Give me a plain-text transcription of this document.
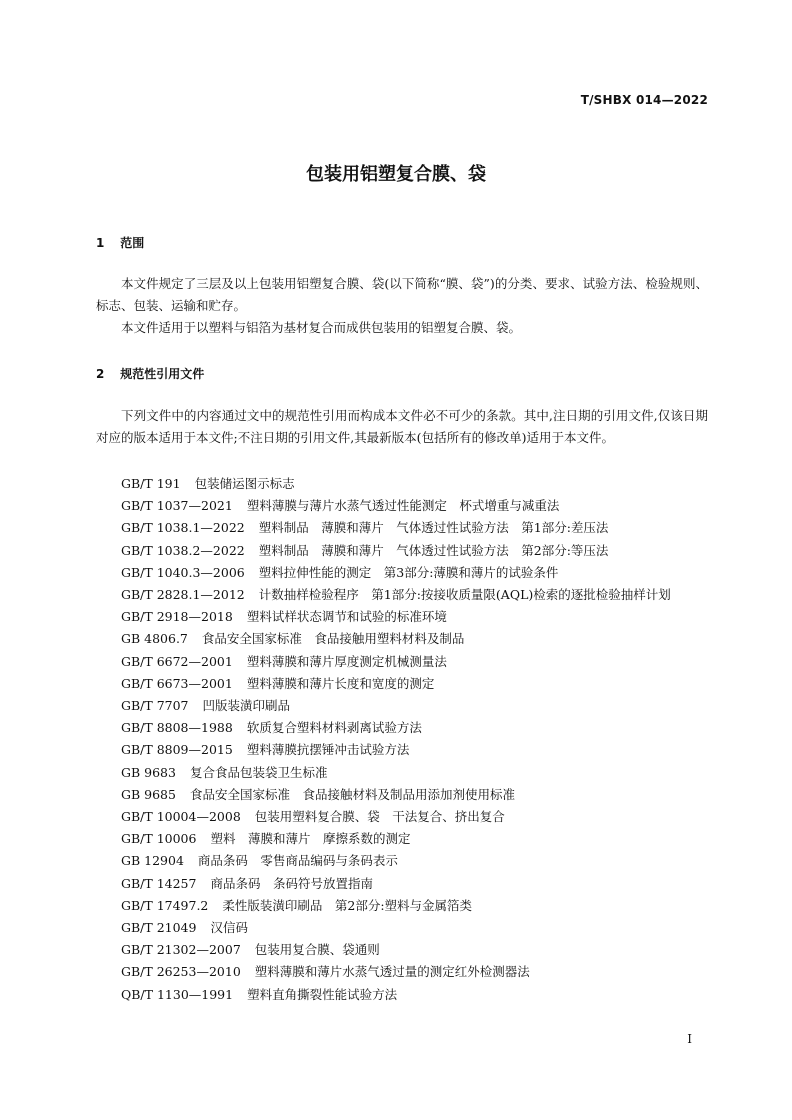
T/SHBX 014—2022
包装用铝塑复合膜、袋
1 范围
本文件规定了三层及以上包装用铝塑复合膜、袋(以下简称“膜、袋”)的分类、要求、试验方法、检验规则、标志、包装、运输和贮存。
本文件适用于以塑料与铝箔为基材复合而成供包装用的铝塑复合膜、袋。
2 规范性引用文件
下列文件中的内容通过文中的规范性引用而构成本文件必不可少的条款。其中,注日期的引用文件,仅该日期对应的版本适用于本文件;不注日期的引用文件,其最新版本(包括所有的修改单)适用于本文件。
GB/T 191 包装储运图示标志
GB/T 1037—2021 塑料薄膜与薄片水蒸气透过性能测定　杯式增重与减重法
GB/T 1038.1—2022 塑料制品　薄膜和薄片　气体透过性试验方法　第1部分:差压法
GB/T 1038.2—2022 塑料制品　薄膜和薄片　气体透过性试验方法　第2部分:等压法
GB/T 1040.3—2006 塑料拉伸性能的测定　第3部分:薄膜和薄片的试验条件
GB/T 2828.1—2012 计数抽样检验程序　第1部分:按接收质量限(AQL)检索的逐批检验抽样计划
GB/T 2918—2018 塑料试样状态调节和试验的标准环境
GB 4806.7 食品安全国家标准　食品接触用塑料材料及制品
GB/T 6672—2001 塑料薄膜和薄片厚度测定机械测量法
GB/T 6673—2001 塑料薄膜和薄片长度和宽度的测定
GB/T 7707 凹版装潢印刷品
GB/T 8808—1988 软质复合塑料材料剥离试验方法
GB/T 8809—2015 塑料薄膜抗摆锤冲击试验方法
GB 9683 复合食品包装袋卫生标准
GB 9685 食品安全国家标准　食品接触材料及制品用添加剂使用标准
GB/T 10004—2008 包装用塑料复合膜、袋　干法复合、挤出复合
GB/T 10006 塑料　薄膜和薄片　摩擦系数的测定
GB 12904 商品条码　零售商品编码与条码表示
GB/T 14257 商品条码　条码符号放置指南
GB/T 17497.2 柔性版装潢印刷品　第2部分:塑料与金属箔类
GB/T 21049 汉信码
GB/T 21302—2007 包装用复合膜、袋通则
GB/T 26253—2010 塑料薄膜和薄片水蒸气透过量的测定红外检测器法
QB/T 1130—1991 塑料直角撕裂性能试验方法
I
